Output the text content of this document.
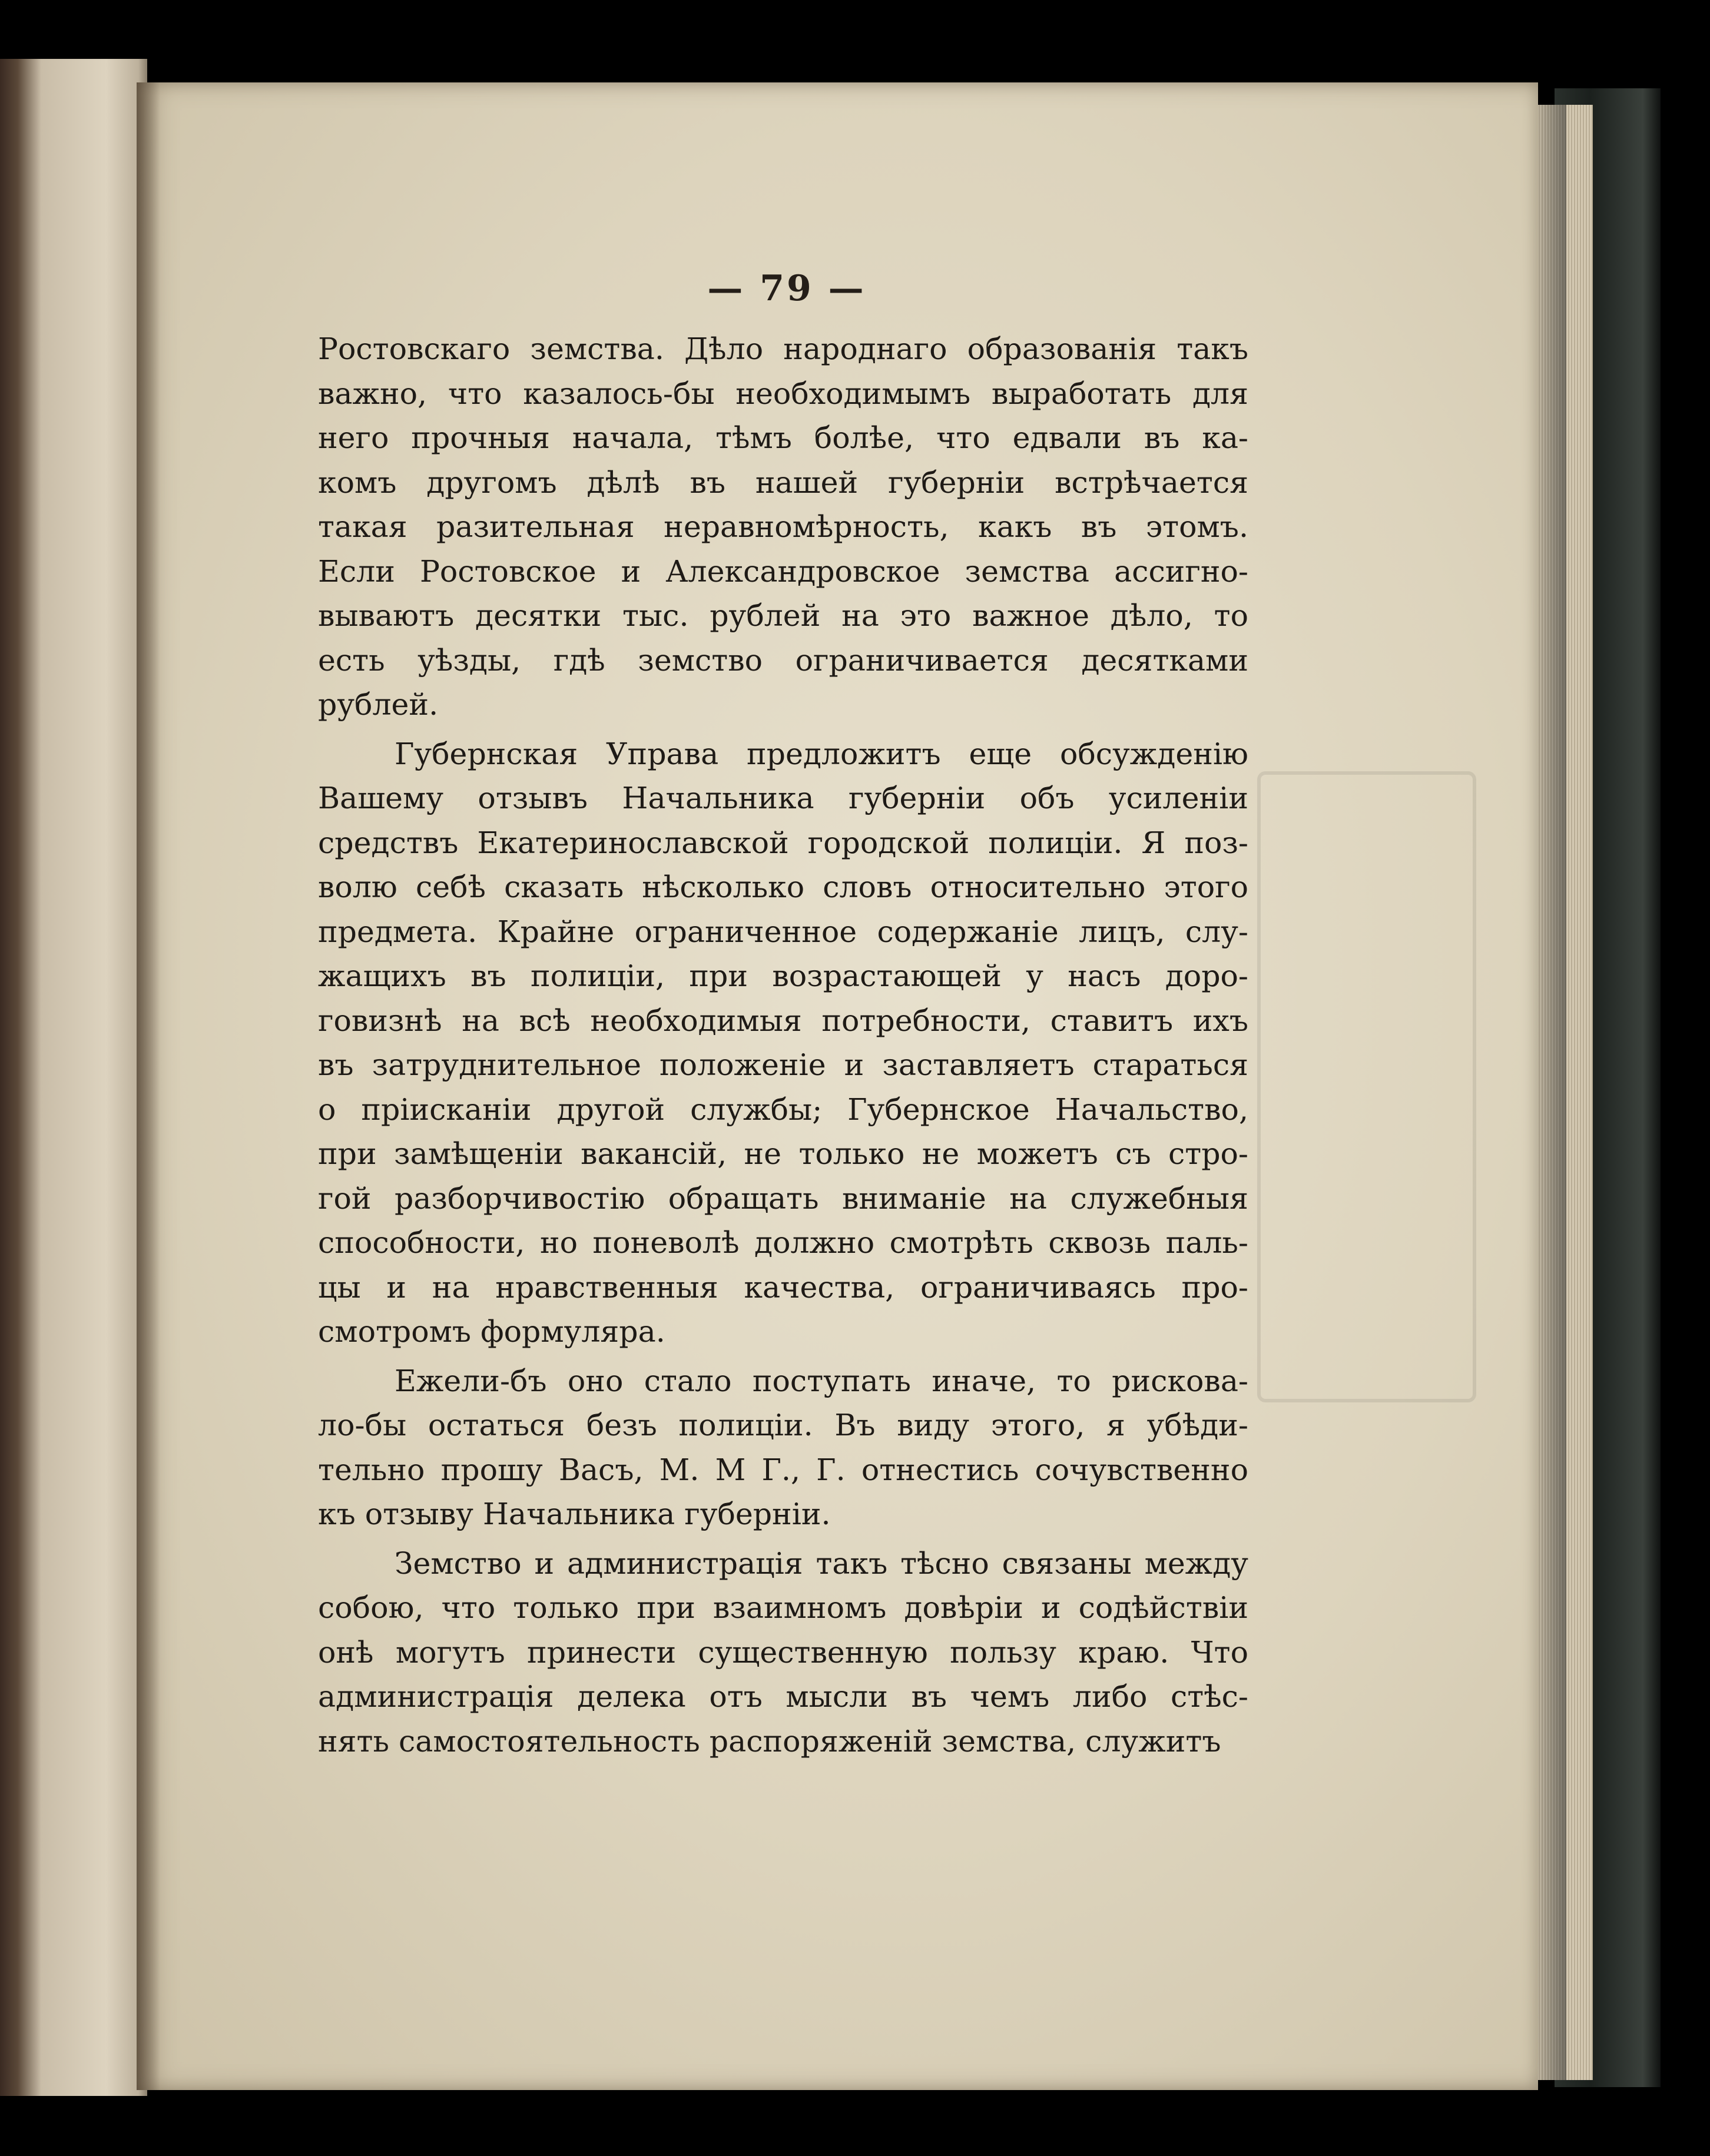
— 79 —
Ростовскаго земства. Дѣло народнаго образованія такъ
важно, что казалось-бы необходимымъ выработать для
него прочныя начала, тѣмъ болѣе, что едвали въ ка-
комъ другомъ дѣлѣ въ нашей губерніи встрѣчается
такая разительная неравномѣрность, какъ въ этомъ.
Если Ростовское и Александровское земства ассигно-
вываютъ десятки тыс. рублей на это важное дѣло, то
есть уѣзды, гдѣ земство ограничивается десятками
рублей.
Губернская Управа предложитъ еще обсужденію
Вашему отзывъ Начальника губерніи объ усиленіи
средствъ Екатеринославской городской полиціи. Я поз-
волю себѣ сказать нѣсколько словъ относительно этого
предмета. Крайне ограниченное содержаніе лицъ, слу-
жащихъ въ полиціи, при возрастающей у насъ доро-
говизнѣ на всѣ необходимыя потребности, ставитъ ихъ
въ затруднительное положеніе и заставляетъ стараться
о пріисканіи другой службы; Губернское Начальство,
при замѣщеніи вакансій, не только не можетъ съ стро-
гой разборчивостію обращать вниманіе на служебныя
способности, но поневолѣ должно смотрѣть сквозь паль-
цы и на нравственныя качества, ограничиваясь про-
смотромъ формуляра.
Ежели-бъ оно стало поступать иначе, то рискова-
ло-бы остаться безъ полиціи. Въ виду этого, я убѣди-
тельно прошу Васъ, М. М Г., Г. отнестись сочувственно
къ отзыву Начальника губерніи.
Земство и администрація такъ тѣсно связаны между
собою, что только при взаимномъ довѣріи и содѣйствіи
онѣ могутъ принести существенную пользу краю. Что
администрація делека отъ мысли въ чемъ либо стѣс-
нять самостоятельность распоряженій земства, служитъ
